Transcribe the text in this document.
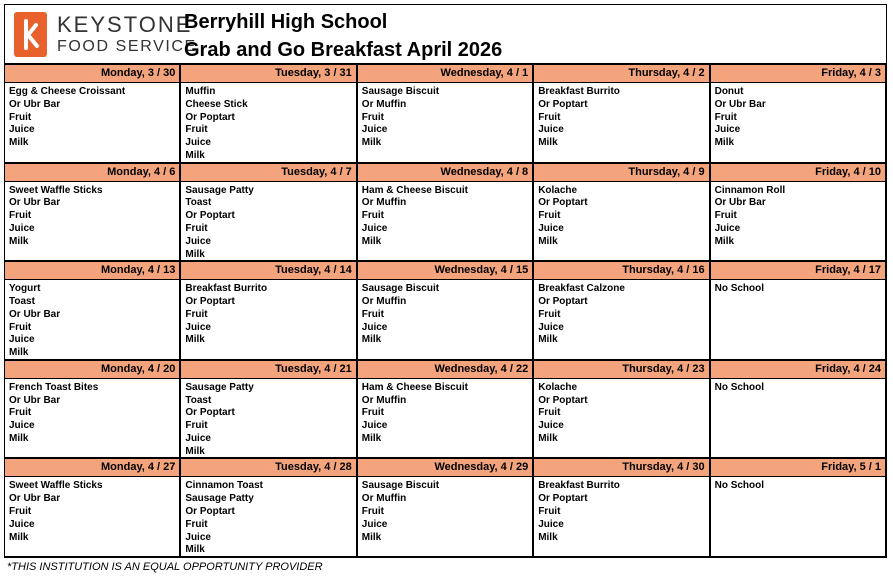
KEYSTONE
FOOD SERVICE
Berryhill High School
Grab and Go Breakfast April 2026
Monday, 3 / 30
Egg & Cheese Croissant
Or Ubr Bar
Fruit
Juice
Milk
Tuesday, 3 / 31
Muffin
Cheese Stick
Or Poptart
Fruit
Juice
Milk
Wednesday, 4 / 1
Sausage Biscuit
Or Muffin
Fruit
Juice
Milk
Thursday, 4 / 2
Breakfast Burrito
Or Poptart
Fruit
Juice
Milk
Friday, 4 / 3
Donut
Or Ubr Bar
Fruit
Juice
Milk
Monday, 4 / 6
Sweet Waffle Sticks
Or Ubr Bar
Fruit
Juice
Milk
Tuesday, 4 / 7
Sausage Patty
Toast
Or Poptart
Fruit
Juice
Milk
Wednesday, 4 / 8
Ham & Cheese Biscuit
Or Muffin
Fruit
Juice
Milk
Thursday, 4 / 9
Kolache
Or Poptart
Fruit
Juice
Milk
Friday, 4 / 10
Cinnamon Roll
Or Ubr Bar
Fruit
Juice
Milk
Monday, 4 / 13
Yogurt
Toast
Or Ubr Bar
Fruit
Juice
Milk
Tuesday, 4 / 14
Breakfast Burrito
Or Poptart
Fruit
Juice
Milk
Wednesday, 4 / 15
Sausage Biscuit
Or Muffin
Fruit
Juice
Milk
Thursday, 4 / 16
Breakfast Calzone
Or Poptart
Fruit
Juice
Milk
Friday, 4 / 17
No School
Monday, 4 / 20
French Toast Bites
Or Ubr Bar
Fruit
Juice
Milk
Tuesday, 4 / 21
Sausage Patty
Toast
Or Poptart
Fruit
Juice
Milk
Wednesday, 4 / 22
Ham & Cheese Biscuit
Or Muffin
Fruit
Juice
Milk
Thursday, 4 / 23
Kolache
Or Poptart
Fruit
Juice
Milk
Friday, 4 / 24
No School
Monday, 4 / 27
Sweet Waffle Sticks
Or Ubr Bar
Fruit
Juice
Milk
Tuesday, 4 / 28
Cinnamon Toast
Sausage Patty
Or Poptart
Fruit
Juice
Milk
Wednesday, 4 / 29
Sausage Biscuit
Or Muffin
Fruit
Juice
Milk
Thursday, 4 / 30
Breakfast Burrito
Or Poptart
Fruit
Juice
Milk
Friday, 5 / 1
No School
*THIS INSTITUTION IS AN EQUAL OPPORTUNITY PROVIDER
